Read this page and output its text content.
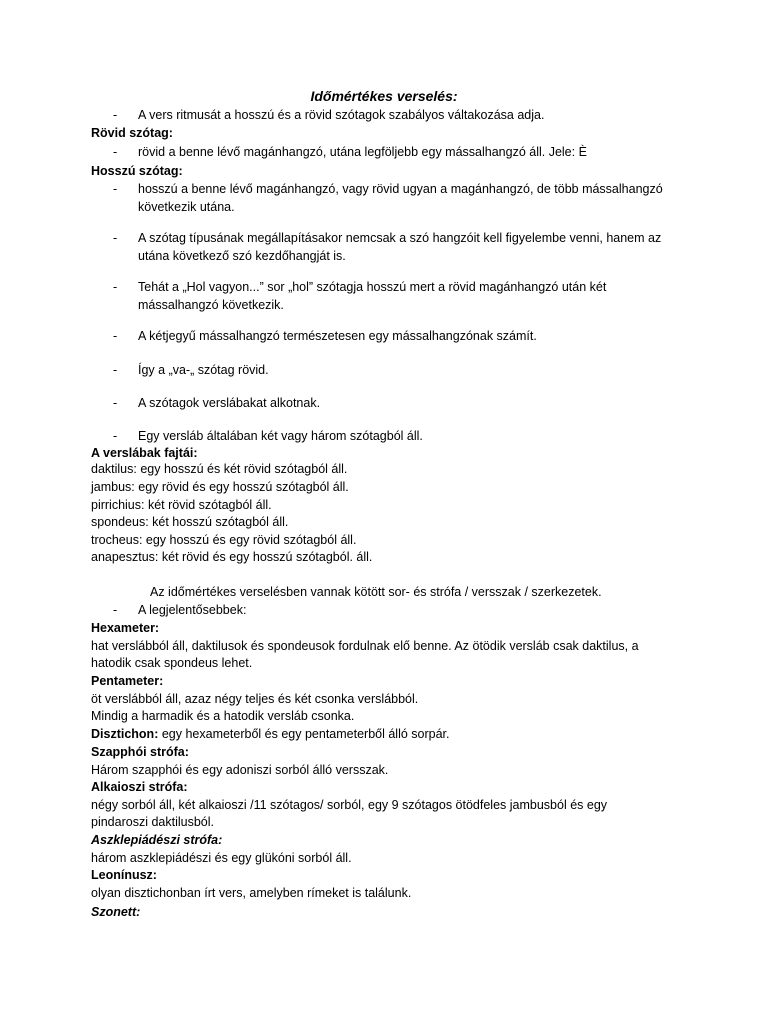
Időmértékes verselés:
- A vers ritmusát a hosszú és a rövid szótagok szabályos váltakozása adja.
Rövid szótag:
- rövid a benne lévő magánhangzó, utána legföljebb egy mássalhangzó áll. Jele: È
Hosszú szótag:
- hosszú a benne lévő magánhangzó, vagy rövid ugyan a magánhangzó, de több mássalhangzó következik utána.
- A szótag típusának megállapításakor nemcsak a szó hangzóit kell figyelembe venni, hanem az utána következő szó kezdőhangját is.
- Tehát a „Hol vagyon...” sor „hol” szótagja hosszú mert a rövid magánhangzó után két mássalhangzó következik.
- A kétjegyű mássalhangzó természetesen egy mássalhangzónak számít.
- Így a „va-„ szótag rövid.
- A szótagok verslábakat alkotnak.
- Egy versláb általában két vagy három szótagból áll.
A verslábak fajtái:
daktilus: egy hosszú és két rövid szótagból áll.
jambus: egy rövid és egy hosszú szótagból áll.
pirrichius: két rövid szótagból áll.
spondeus: két hosszú szótagból áll.
trocheus: egy hosszú és egy rövid szótagból áll.
anapesztus: két rövid és egy hosszú szótagból. áll.
Az időmértékes verselésben vannak kötött sor- és strófa / versszak / szerkezetek.
- A legjelentősebbek:
Hexameter:
hat verslábból áll, daktilusok és spondeusok fordulnak elő benne. Az ötödik versláb csak daktilus, a
hatodik csak spondeus lehet.
Pentameter:
öt verslábból áll, azaz négy teljes és két csonka verslábból.
Mindig a harmadik és a hatodik versláb csonka.
Disztichon: egy hexameterből és egy pentameterből álló sorpár.
Szapphói strófa:
Három szapphói és egy adoniszi sorból álló versszak.
Alkaioszi strófa:
négy sorból áll, két alkaioszi /11 szótagos/ sorból, egy 9 szótagos ötödfeles jambusból és egy
pindaroszi daktilusból.
Aszklepiádészi strófa:
három aszklepiádészi és egy glükóni sorból áll.
Leonínusz:
olyan disztichonban írt vers, amelyben rímeket is találunk.
Szonett:
